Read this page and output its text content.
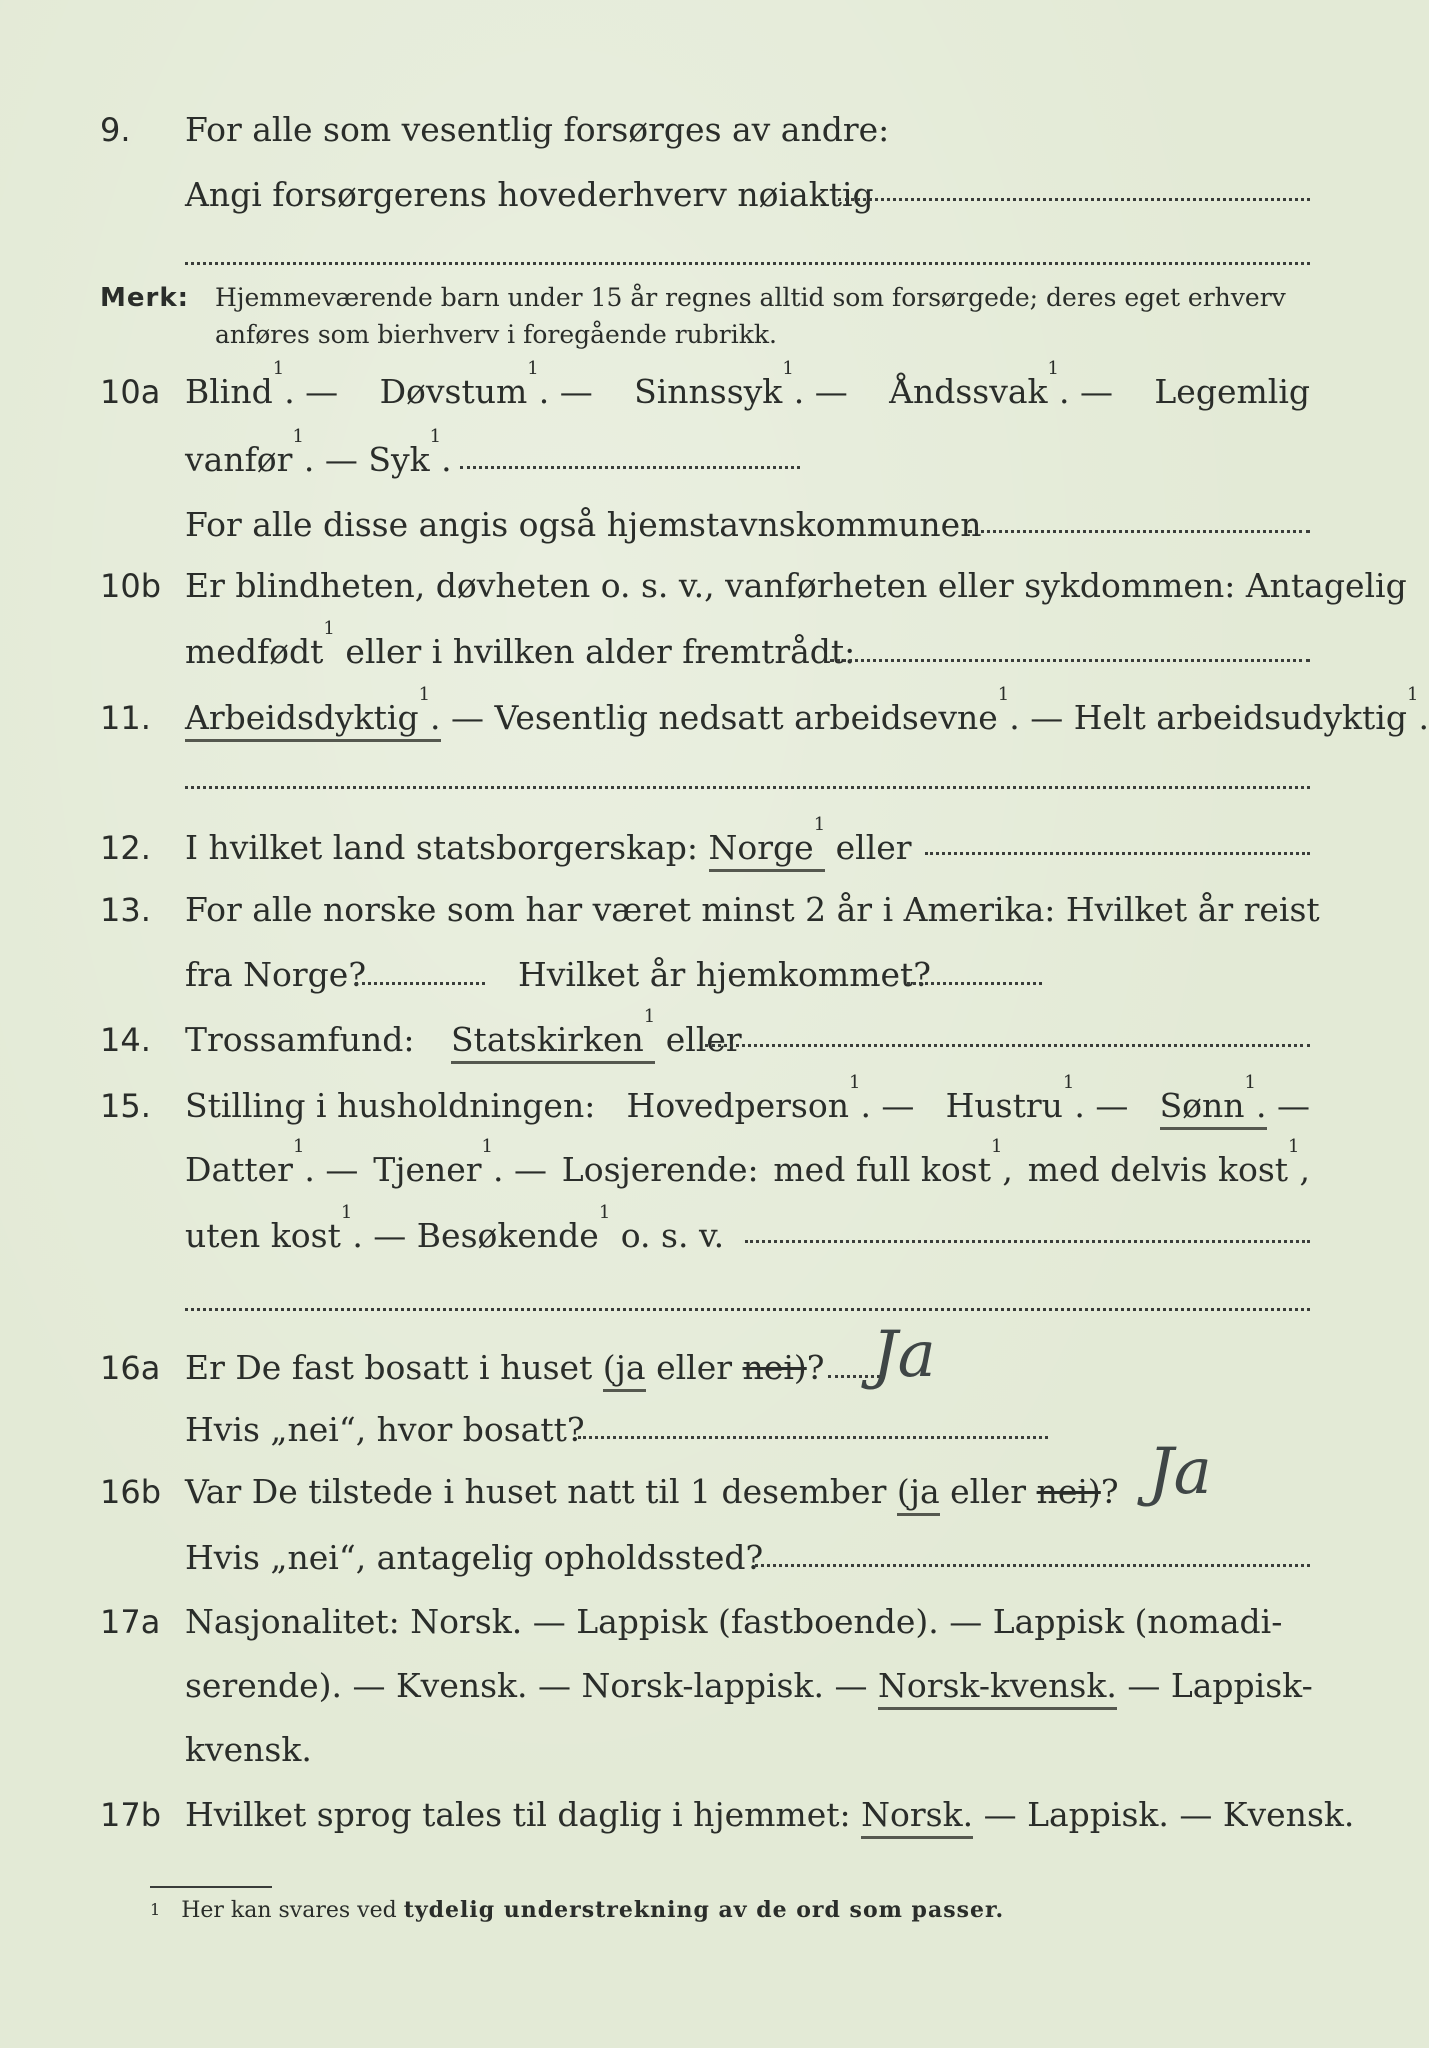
9. For alle som vesentlig forsørges av andre:
Angi forsørgerens hovederhverv nøiaktig
Merk: Hjemmeværende barn under 15 år regnes alltid som forsørgede; deres eget erhverv
anføres som bierhverv i foregående rubrikk.
10a Blind$^1$. — Døvstum$^1$. — Sinnssyk$^1$. — Åndssvak$^1$. — Legemlig
vanfør$^1$. — Syk$^1$.
For alle disse angis også hjemstavnskommunen
10b Er blindheten, døvheten o. s. v., vanførheten eller sykdommen: Antagelig
medfødt$^1$ eller i hvilken alder fremtrådt:
11. Arbeidsdyktig$^1$. — Vesentlig nedsatt arbeidsevne$^1$. — Helt arbeidsudyktig$^1$.
12. I hvilket land statsborgerskap: Norge$^1$ eller
13. For alle norske som har været minst 2 år i Amerika: Hvilket år reist
fra Norge?	Hvilket år hjemkommet?
14. Trossamfund: Statskirken$^1$ eller
15. Stilling i husholdningen: Hovedperson$^1$. — Hustru$^1$. — Sønn$^1$. —
Datter$^1$. — Tjener$^1$. — Losjerende: med full kost$^1$, med delvis kost$^1$,
uten kost$^1$. — Besøkende$^1$ o. s. v.
16a Er De fast bosatt i huset (ja eller nei)? Ja
Hvis „nei“, hvor bosatt?
16b Var De tilstede i huset natt til 1 desember (ja eller nei)? Ja
Hvis „nei“, antagelig opholdssted?
17a Nasjonalitet: Norsk. — Lappisk (fastboende). — Lappisk (nomadi-
serende). — Kvensk. — Norsk-lappisk. — Norsk-kvensk. — Lappisk-
kvensk.
17b Hvilket sprog tales til daglig i hjemmet: Norsk. — Lappisk. — Kvensk.
$^1$ Her kan svares ved tydelig understrekning av de ord som passer.
